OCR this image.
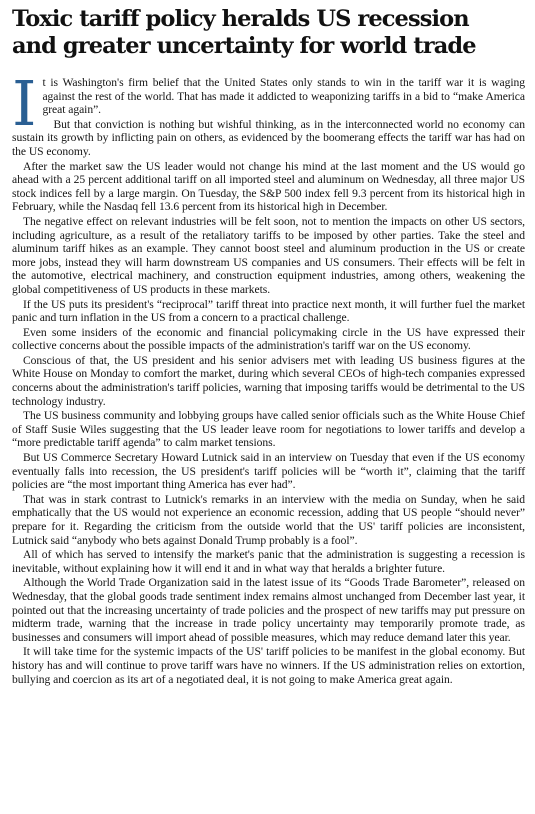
Toxic tariff policy heralds US recession
and greater uncertainty for world trade

It is Washington's firm belief that the United States only stands to win in the tariff war it is waging against the rest of the world. That has made it addicted to weaponizing tariffs in a bid to “make America great again”.

But that conviction is nothing but wishful thinking, as in the interconnected world no economy can sustain its growth by inflicting pain on others, as evidenced by the boomerang effects the tariff war has had on the US economy.

After the market saw the US leader would not change his mind at the last moment and the US would go ahead with a 25 percent additional tariff on all imported steel and aluminum on Wednesday, all three major US stock indices fell by a large margin. On Tuesday, the S&P 500 index fell 9.3 percent from its historical high in February, while the Nasdaq fell 13.6 percent from its historical high in December.

The negative effect on relevant industries will be felt soon, not to mention the impacts on other US sectors, including agriculture, as a result of the retaliatory tariffs to be imposed by other parties. Take the steel and aluminum tariff hikes as an example. They cannot boost steel and aluminum production in the US or create more jobs, instead they will harm downstream US companies and US consumers. Their effects will be felt in the automotive, electrical machinery, and construction equipment industries, among others, weakening the global competitiveness of US products in these markets.

If the US puts its president's “reciprocal” tariff threat into practice next month, it will further fuel the market panic and turn inflation in the US from a concern to a practical challenge.

Even some insiders of the economic and financial policymaking circle in the US have expressed their collective concerns about the possible impacts of the administration's tariff war on the US economy.

Conscious of that, the US president and his senior advisers met with leading US business figures at the White House on Monday to comfort the market, during which several CEOs of high-tech companies expressed concerns about the administration's tariff policies, warning that imposing tariffs would be detrimental to the US technology industry.

The US business community and lobbying groups have called senior officials such as the White House Chief of Staff Susie Wiles suggesting that the US leader leave room for negotiations to lower tariffs and develop a “more predictable tariff agenda” to calm market tensions.

But US Commerce Secretary Howard Lutnick said in an interview on Tuesday that even if the US economy eventually falls into recession, the US president's tariff policies will be “worth it”, claiming that the tariff policies are “the most important thing America has ever had”.

That was in stark contrast to Lutnick's remarks in an interview with the media on Sunday, when he said emphatically that the US would not experience an economic recession, adding that US people “should never” prepare for it. Regarding the criticism from the outside world that the US' tariff policies are inconsistent, Lutnick said “anybody who bets against Donald Trump probably is a fool”.

All of which has served to intensify the market's panic that the administration is suggesting a recession is inevitable, without explaining how it will end it and in what way that heralds a brighter future.

Although the World Trade Organization said in the latest issue of its “Goods Trade Barometer”, released on Wednesday, that the global goods trade sentiment index remains almost unchanged from December last year, it pointed out that the increasing uncertainty of trade policies and the prospect of new tariffs may put pressure on midterm trade, warning that the increase in trade policy uncertainty may temporarily promote trade, as businesses and consumers will import ahead of possible measures, which may reduce demand later this year.

It will take time for the systemic impacts of the US' tariff policies to be manifest in the global economy. But history has and will continue to prove tariff wars have no winners. If the US administration relies on extortion, bullying and coercion as its art of a negotiated deal, it is not going to make America great again.
